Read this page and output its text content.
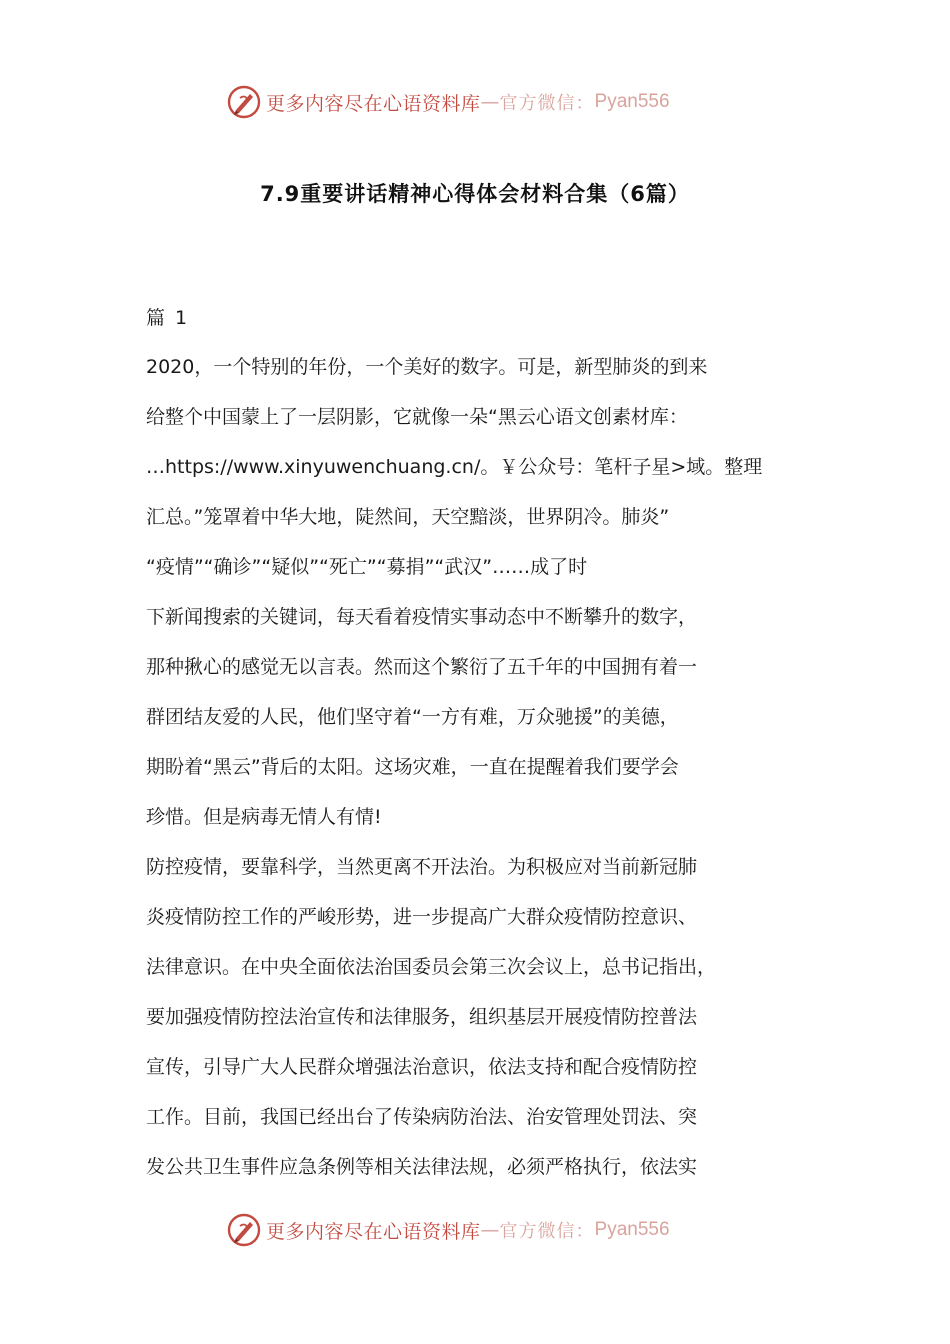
更多内容尽在心语资料库 — 官方微信： Pyan556
7.9重要讲话精神心得体会材料合集（6篇）

篇 1

2020，一个特别的年份，一个美好的数字。可是，新型肺炎的到来

给整个中国蒙上了一层阴影，它就像一朵“黑云心语文创素材库：

…https://www.xinyuwenchuang.cn/。￥公众号：笔杆子星>域。整理

汇总。”笼罩着中华大地，陡然间，天空黯淡，世界阴冷。肺炎”

“疫情”“确诊”“疑似”“死亡”“募捐”“武汉”……成了时

下新闻搜索的关键词，每天看着疫情实事动态中不断攀升的数字，

那种揪心的感觉无以言表。然而这个繁衍了五千年的中国拥有着一

群团结友爱的人民，他们坚守着“一方有难，万众驰援”的美德，

期盼着“黑云”背后的太阳。这场灾难，一直在提醒着我们要学会

珍惜。但是病毒无情人有情!

防控疫情，要靠科学，当然更离不开法治。为积极应对当前新冠肺

炎疫情防控工作的严峻形势，进一步提高广大群众疫情防控意识、

法律意识。在中央全面依法治国委员会第三次会议上，总书记指出，

要加强疫情防控法治宣传和法律服务，组织基层开展疫情防控普法

宣传，引导广大人民群众增强法治意识，依法支持和配合疫情防控

工作。目前，我国已经出台了传染病防治法、治安管理处罚法、突

发公共卫生事件应急条例等相关法律法规，必须严格执行，依法实

更多内容尽在心语资料库 — 官方微信： Pyan556
